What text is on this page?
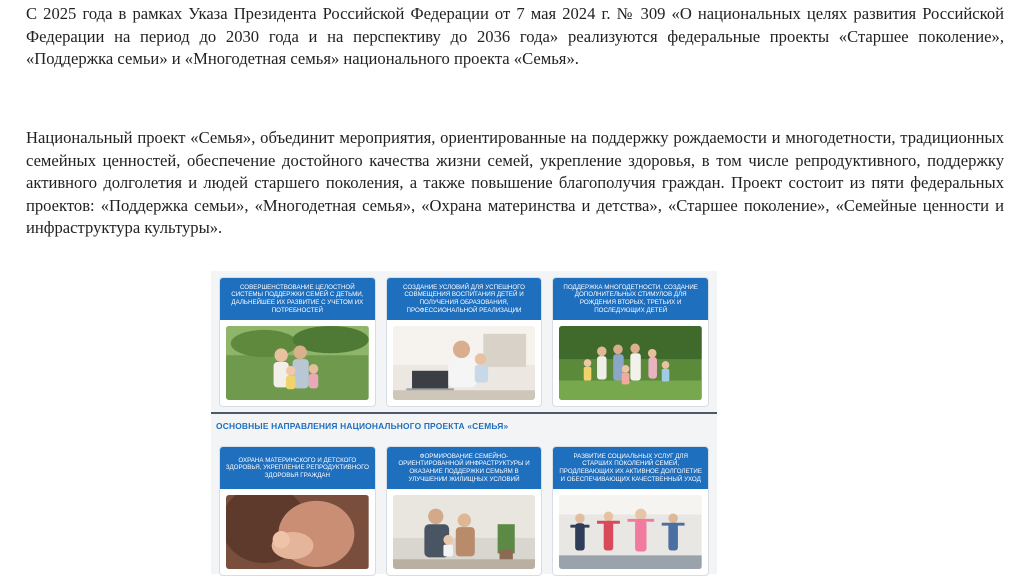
С 2025 года в рамках Указа Президента Российской Федерации от 7 мая 2024 г. № 309 «О национальных целях развития Российской Федерации на период до 2030 года и на перспективу до 2036 года» реализуются федеральные проекты «Старшее поколение», «Поддержка семьи» и «Многодетная семья» национального проекта «Семья».

Национальный проект «Семья», объединит мероприятия, ориентированные на поддержку рождаемости и многодетности, традиционных семейных ценностей, обеспечение достойного качества жизни семей, укрепление здоровья, в том числе репродуктивного, поддержку активного долголетия и людей старшего поколения, а также повышение благополучия граждан. Проект состоит из пяти федеральных проектов: «Поддержка семьи», «Многодетная семья», «Охрана материнства и детства», «Старшее поколение», «Семейные ценности и инфраструктура культуры».

СОВЕРШЕНСТВОВАНИЕ ЦЕЛОСТНОЙ СИСТЕМЫ ПОДДЕРЖКИ СЕМЕЙ С ДЕТЬМИ, ДАЛЬНЕЙШЕЕ ИХ РАЗВИТИЕ С УЧЕТОМ ИХ ПОТРЕБНОСТЕЙ
СОЗДАНИЕ УСЛОВИЙ ДЛЯ УСПЕШНОГО СОВМЕЩЕНИЯ ВОСПИТАНИЯ ДЕТЕЙ И ПОЛУЧЕНИЯ ОБРАЗОВАНИЯ, ПРОФЕССИОНАЛЬНОЙ РЕАЛИЗАЦИИ
ПОДДЕРЖКА МНОГОДЕТНОСТИ, СОЗДАНИЕ ДОПОЛНИТЕЛЬНЫХ СТИМУЛОВ ДЛЯ РОЖДЕНИЯ ВТОРЫХ, ТРЕТЬИХ И ПОСЛЕДУЮЩИХ ДЕТЕЙ
ОСНОВНЫЕ НАПРАВЛЕНИЯ НАЦИОНАЛЬНОГО ПРОЕКТА «СЕМЬЯ»
ОХРАНА МАТЕРИНСКОГО И ДЕТСКОГО ЗДОРОВЬЯ, УКРЕПЛЕНИЕ РЕПРОДУКТИВНОГО ЗДОРОВЬЯ ГРАЖДАН
ФОРМИРОВАНИЕ СЕМЕЙНО-ОРИЕНТИРОВАННОЙ ИНФРАСТРУКТУРЫ И ОКАЗАНИЕ ПОДДЕРЖКИ СЕМЬЯМ В УЛУЧШЕНИИ ЖИЛИЩНЫХ УСЛОВИЙ
РАЗВИТИЕ СОЦИАЛЬНЫХ УСЛУГ ДЛЯ СТАРШИХ ПОКОЛЕНИЙ СЕМЕЙ, ПРОДЛЕВАЮЩИХ ИХ АКТИВНОЕ ДОЛГОЛЕТИЕ И ОБЕСПЕЧИВАЮЩИХ КАЧЕСТВЕННЫЙ УХОД
